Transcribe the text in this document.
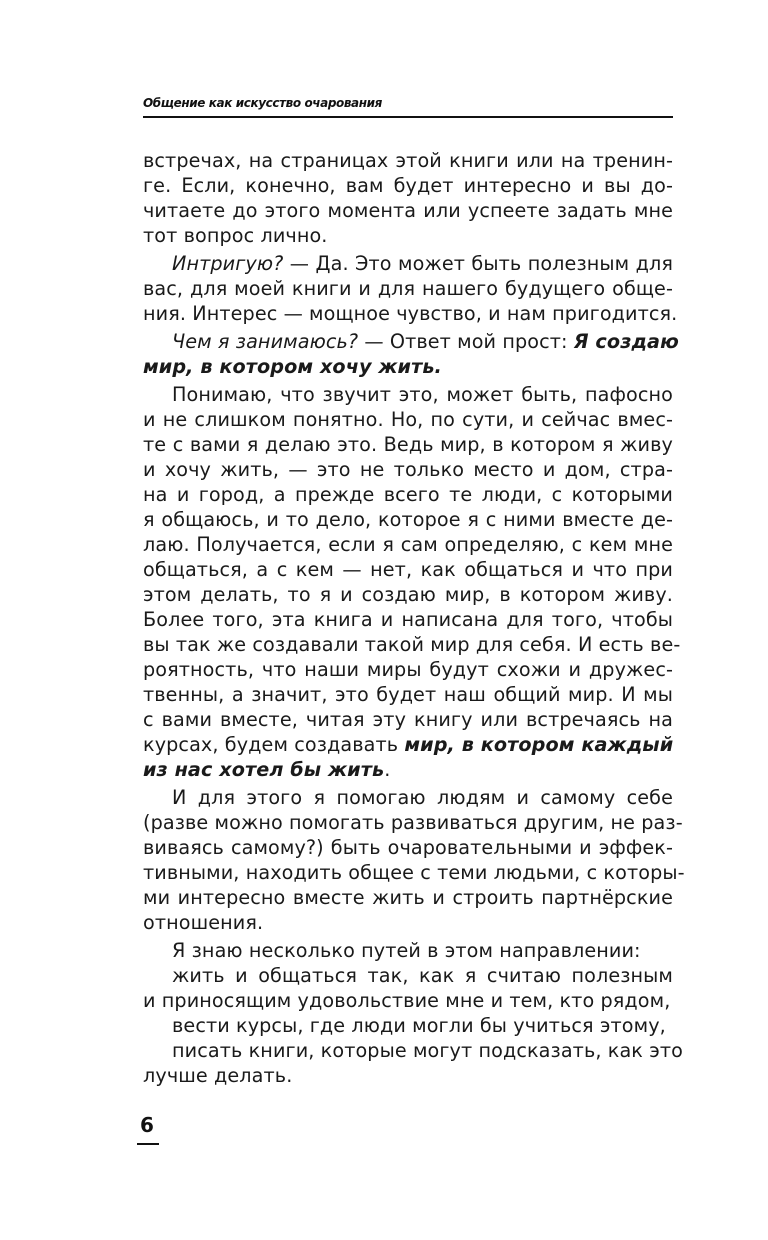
Общение как искусство очарования
встречах, на страницах этой книги или на тренин-
ге. Если, конечно, вам будет интересно и вы до-
читаете до этого момента или успеете задать мне
тот вопрос лично.
Интригую? — Да. Это может быть полезным для
вас, для моей книги и для нашего будущего обще-
ния. Интерес — мощное чувство, и нам пригодится.
Чем я занимаюсь? — Ответ мой прост: Я создаю
мир, в котором хочу жить.
Понимаю, что звучит это, может быть, пафосно
и не слишком понятно. Но, по сути, и сейчас вмес-
те с вами я делаю это. Ведь мир, в котором я живу
и хочу жить, — это не только место и дом, стра-
на и город, а прежде всего те люди, с которыми
я общаюсь, и то дело, которое я с ними вместе де-
лаю. Получается, если я сам определяю, с кем мне
общаться, а с кем — нет, как общаться и что при
этом делать, то я и создаю мир, в котором живу.
Более того, эта книга и написана для того, чтобы
вы так же создавали такой мир для себя. И есть ве-
роятность, что наши миры будут схожи и дружес-
твенны, а значит, это будет наш общий мир. И мы
с вами вместе, читая эту книгу или встречаясь на
курсах, будем создавать мир, в котором каждый
из нас хотел бы жить.
И для этого я помогаю людям и самому себе
(разве можно помогать развиваться другим, не раз-
виваясь самому?) быть очаровательными и эффек-
тивными, находить общее с теми людьми, с которы-
ми интересно вместе жить и строить партнёрские
отношения.
Я знаю несколько путей в этом направлении:
жить и общаться так, как я считаю полезным
и приносящим удовольствие мне и тем, кто рядом,
вести курсы, где люди могли бы учиться этому,
писать книги, которые могут подсказать, как это
лучше делать.
6
